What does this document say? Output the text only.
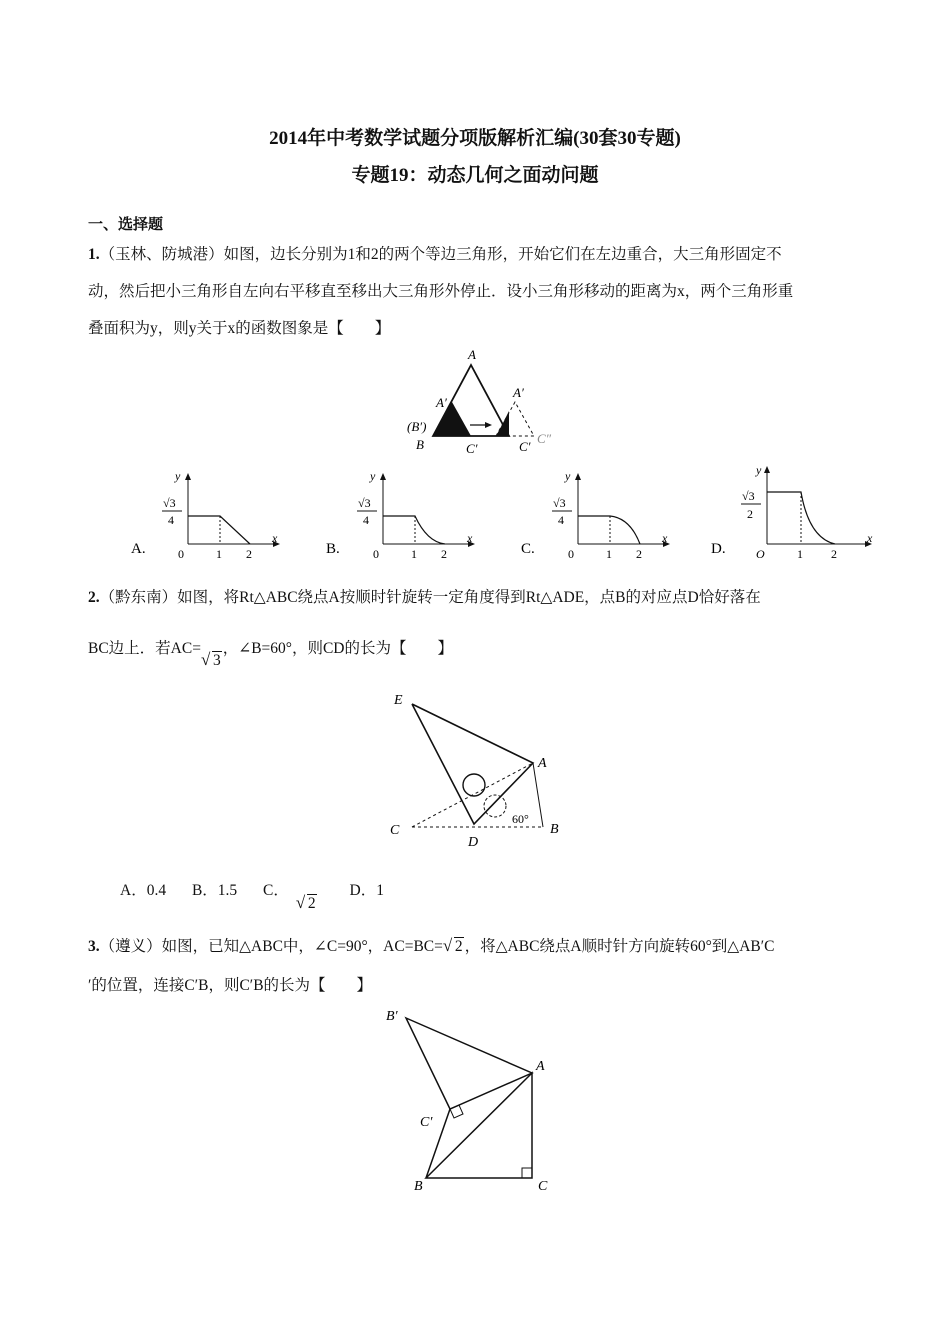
2014年中考数学试题分项版解析汇编(30套30专题)
专题19：动态几何之面动问题
一、选择题
1.（玉林、防城港）如图，边长分别为1和2的两个等边三角形，开始它们在左边重合，大三角形固定不
动，然后把小三角形自左向右平移直至移出大三角形外停止．设小三角形移动的距离为x，两个三角形重
叠面积为y，则y关于x的函数图象是【　　】
A
A′
A′
(B′)
B	C′	C′
C″
A.
y
x
√3
4
0	1 2	B.
y
x
√3
4
0	1 2	C.
y
x
√3
4
0	1 2	D.
y
x
√3
2
O	1 2
2.（黔东南）如图，将Rt△ABC绕点A按顺时针旋转一定角度得到Rt△ADE，点B的对应点D恰好落在
BC边上．若AC=√ 3，∠B=60°，则CD的长为【　　】
E
A
C
D
B
60°
A．0.4 B．1.5 C．√ 2 D．1
3.（遵义）如图，已知△ABC中，∠C=90°，AC=BC=√ 2 ，将△ABC绕点A顺时针方向旋转60°到△AB′C
′的位置，连接C′B，则C′B的长为【　　】
B′
A
C′
B	C
